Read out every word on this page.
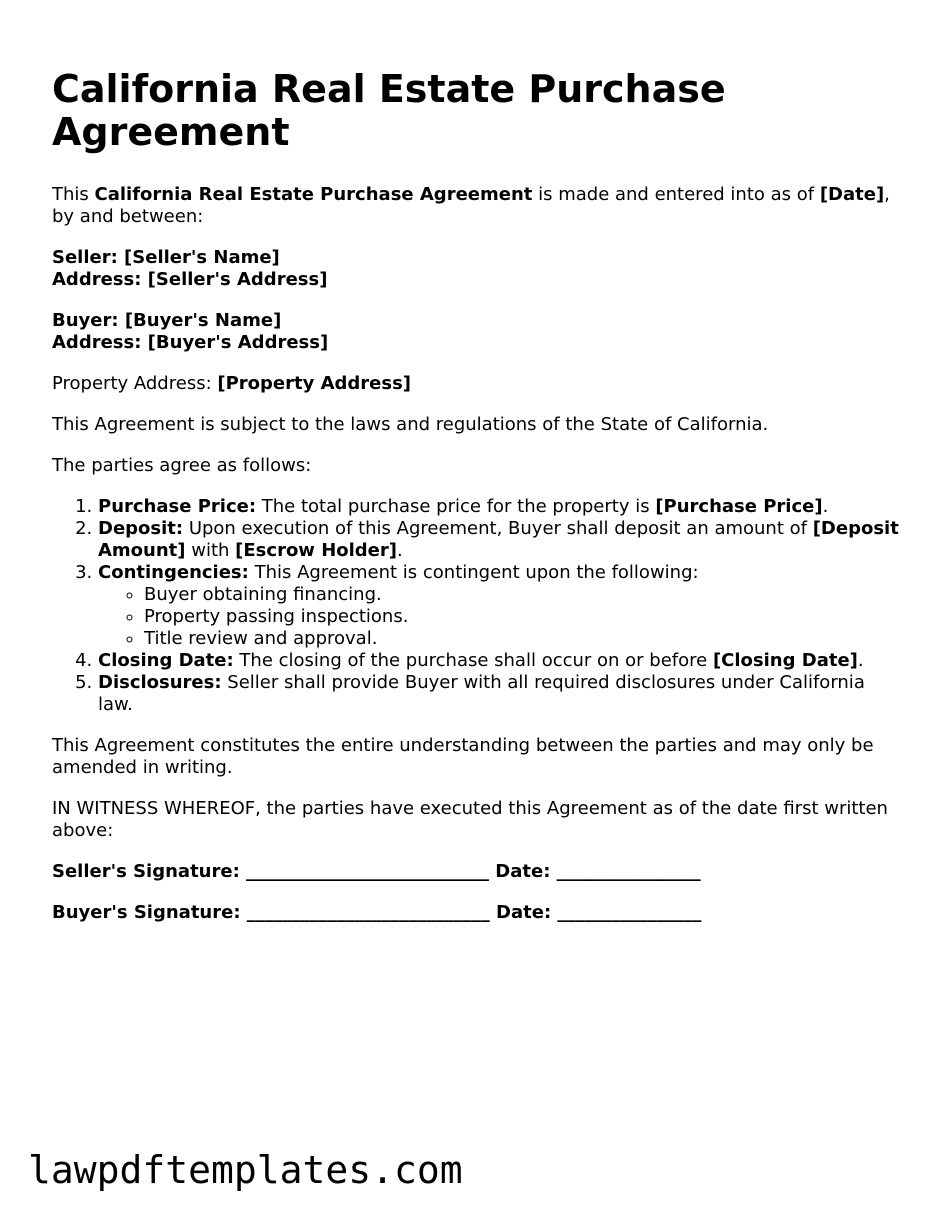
California Real Estate Purchase Agreement

This California Real Estate Purchase Agreement is made and entered into as of [Date], by and between:

Seller: [Seller's Name]
Address: [Seller's Address]

Buyer: [Buyer's Name]
Address: [Buyer's Address]

Property Address: [Property Address]

This Agreement is subject to the laws and regulations of the State of California.

The parties agree as follows:

1. Purchase Price: The total purchase price for the property is [Purchase Price].
2. Deposit: Upon execution of this Agreement, Buyer shall deposit an amount of [Deposit Amount] with [Escrow Holder].
3. Contingencies: This Agreement is contingent upon the following:
◦ Buyer obtaining financing.
◦ Property passing inspections.
◦ Title review and approval.
4. Closing Date: The closing of the purchase shall occur on or before [Closing Date].
5. Disclosures: Seller shall provide Buyer with all required disclosures under California law.

This Agreement constitutes the entire understanding between the parties and may only be amended in writing.

IN WITNESS WHEREOF, the parties have executed this Agreement as of the date first written above:

Seller's Signature: ___________________________ Date: ________________

Buyer's Signature: ___________________________ Date: ________________

lawpdftemplates.com
